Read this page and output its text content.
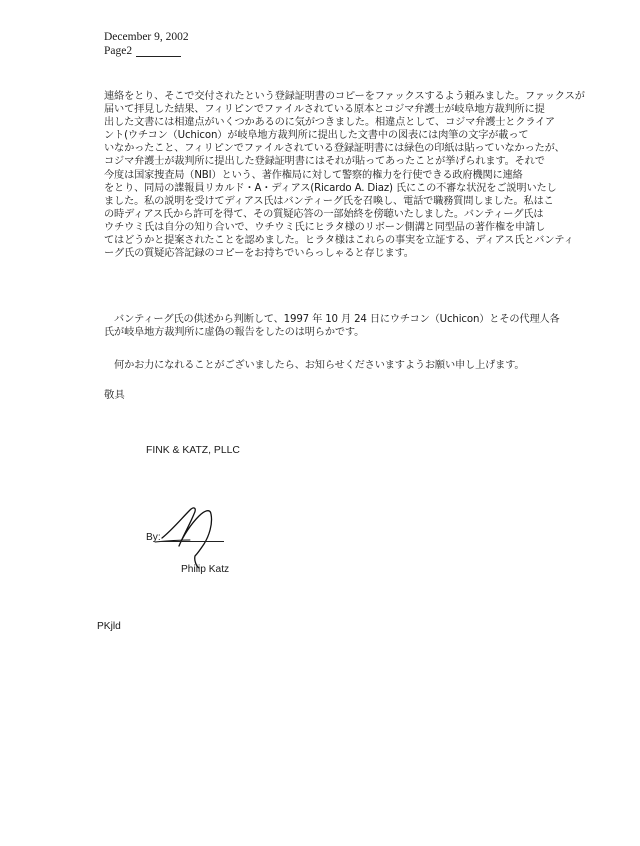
December 9, 2002
Page2
連絡をとり、そこで交付されたという登録証明書のコピーをファックスするよう頼みました。ファックスが
届いて拝見した結果、フィリピンでファイルされている原本とコジマ弁護士が岐阜地方裁判所に提
出した文書には相違点がいくつかあるのに気がつきました。相違点として、コジマ弁護士とクライア
ント(ウチコン（Uchicon）が岐阜地方裁判所に提出した文書中の図表には肉筆の文字が載って
いなかったこと、フィリピンでファイルされている登録証明書には緑色の印紙は貼っていなかったが、
コジマ弁護士が裁判所に提出した登録証明書にはそれが貼ってあったことが挙げられます。それで
今度は国家捜査局（NBI）という、著作権局に対して警察的権力を行使できる政府機関に連絡
をとり、同局の諜報員リカルド・A・ディアス(Ricardo A. Diaz) 氏にこの不審な状況をご説明いたし
ました。私の説明を受けてディアス氏はバンティーグ氏を召喚し、電話で職務質問しました。私はこ
の時ディアス氏から許可を得て、その質疑応答の一部始終を傍聴いたしました。バンティーグ氏は
ウチウミ氏は自分の知り合いで、ウチウミ氏にヒラタ様のリボーン側溝と同型品の著作権を申請し
てはどうかと提案されたことを認めました。ヒラタ様はこれらの事実を立証する、ディアス氏とバンティ
ーグ氏の質疑応答記録のコピーをお持ちでいらっしゃると存じます。
　バンティーグ氏の供述から判断して、1997 年 10 月 24 日にウチコン（Uchicon）とその代理人各
氏が岐阜地方裁判所に虚偽の報告をしたのは明らかです。
　何かお力になれることがございましたら、お知らせくださいますようお願い申し上げます。
敬具
FINK & KATZ, PLLC
By:
Philip Katz
PKjld
